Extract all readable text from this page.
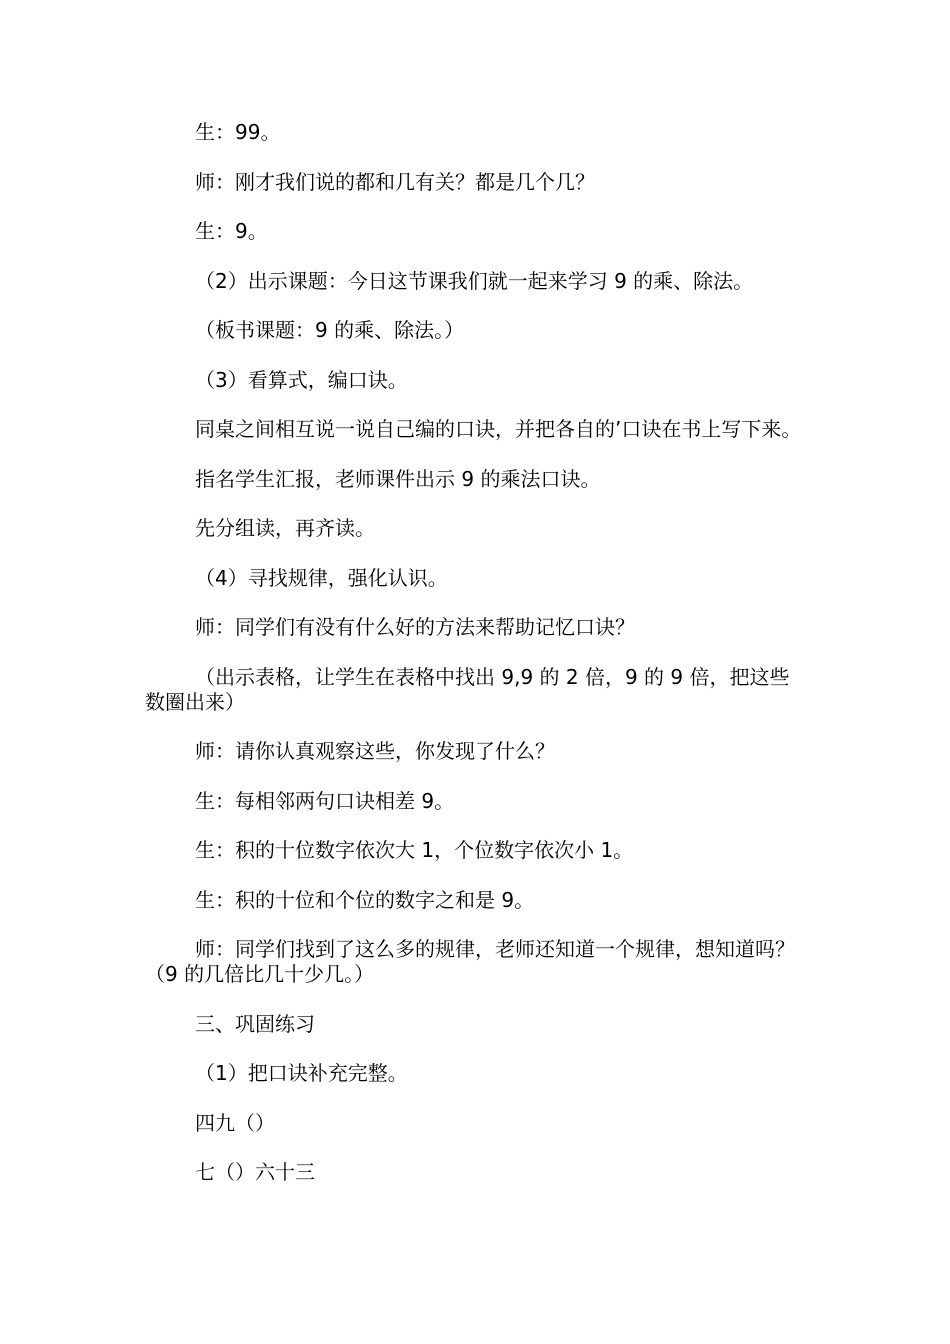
生：99。

师：刚才我们说的都和几有关？都是几个几？

生：9。

（2）出示课题：今日这节课我们就一起来学习 9 的乘、除法。

（板书课题：9 的乘、除法。）

（3）看算式，编口诀。

同桌之间相互说一说自己编的口诀，并把各自的’口诀在书上写下来。

指名学生汇报，老师课件出示 9 的乘法口诀。

先分组读，再齐读。

（4）寻找规律，强化认识。

师：同学们有没有什么好的方法来帮助记忆口诀？

（出示表格，让学生在表格中找出 9,9 的 2 倍，9 的 9 倍，把这些数圈出来）

师：请你认真观察这些，你发现了什么？

生：每相邻两句口诀相差 9。

生：积的十位数字依次大 1，个位数字依次小 1。

生：积的十位和个位的数字之和是 9。

师：同学们找到了这么多的规律，老师还知道一个规律，想知道吗？（9 的几倍比几十少几。）

三、巩固练习

（1）把口诀补充完整。

四九（）

七（）六十三
